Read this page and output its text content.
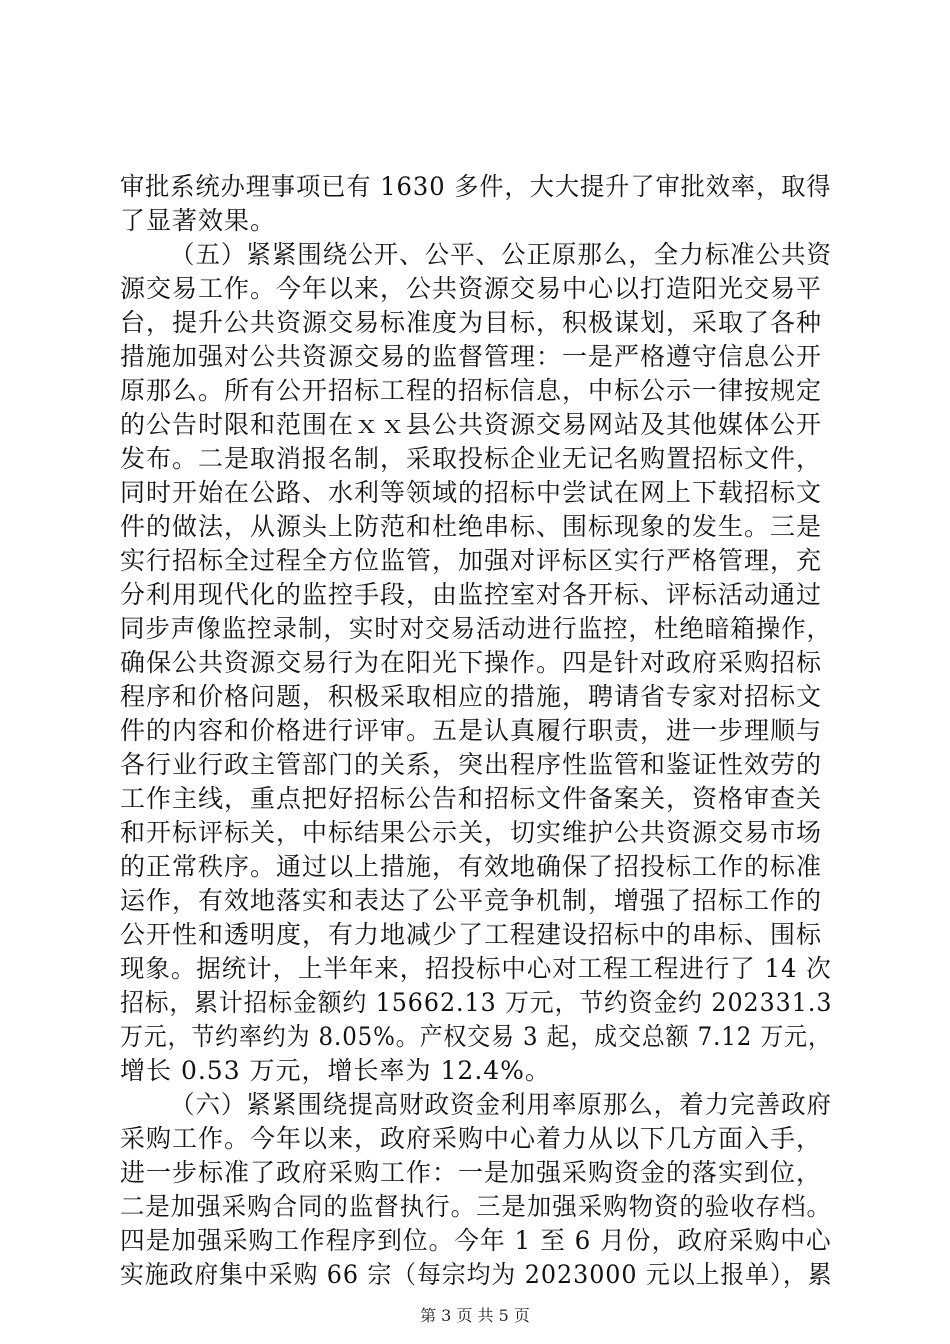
审批系统办理事项已有 1630 多件，大大提升了审批效率，取得
了显著效果。
（五）紧紧围绕公开、公平、公正原那么，全力标准公共资
源交易工作。今年以来，公共资源交易中心以打造阳光交易平
台，提升公共资源交易标准度为目标，积极谋划，采取了各种
措施加强对公共资源交易的监督管理：一是严格遵守信息公开
原那么。所有公开招标工程的招标信息，中标公示一律按规定
的公告时限和范围在ｘｘ县公共资源交易网站及其他媒体公开
发布。二是取消报名制，采取投标企业无记名购置招标文件，
同时开始在公路、水利等领域的招标中尝试在网上下载招标文
件的做法，从源头上防范和杜绝串标、围标现象的发生。三是
实行招标全过程全方位监管，加强对评标区实行严格管理，充
分利用现代化的监控手段，由监控室对各开标、评标活动通过
同步声像监控录制，实时对交易活动进行监控，杜绝暗箱操作，
确保公共资源交易行为在阳光下操作。四是针对政府采购招标
程序和价格问题，积极采取相应的措施，聘请省专家对招标文
件的内容和价格进行评审。五是认真履行职责，进一步理顺与
各行业行政主管部门的关系，突出程序性监管和鉴证性效劳的
工作主线，重点把好招标公告和招标文件备案关，资格审查关
和开标评标关，中标结果公示关，切实维护公共资源交易市场
的正常秩序。通过以上措施，有效地确保了招投标工作的标准
运作，有效地落实和表达了公平竞争机制，增强了招标工作的
公开性和透明度，有力地减少了工程建设招标中的串标、围标
现象。据统计，上半年来，招投标中心对工程工程进行了 14 次
招标，累计招标金额约 15662.13 万元，节约资金约 202331.3
万元，节约率约为 8.05%。产权交易 3 起，成交总额 7.12 万元，
增长 0.53 万元，增长率为 12.4%。
（六）紧紧围绕提高财政资金利用率原那么，着力完善政府
采购工作。今年以来，政府采购中心着力从以下几方面入手，
进一步标准了政府采购工作：一是加强采购资金的落实到位，
二是加强采购合同的监督执行。三是加强采购物资的验收存档。
四是加强采购工作程序到位。今年 1 至 6 月份，政府采购中心
实施政府集中采购 66 宗（每宗均为 2023000 元以上报单），累
第 3 页 共 5 页
